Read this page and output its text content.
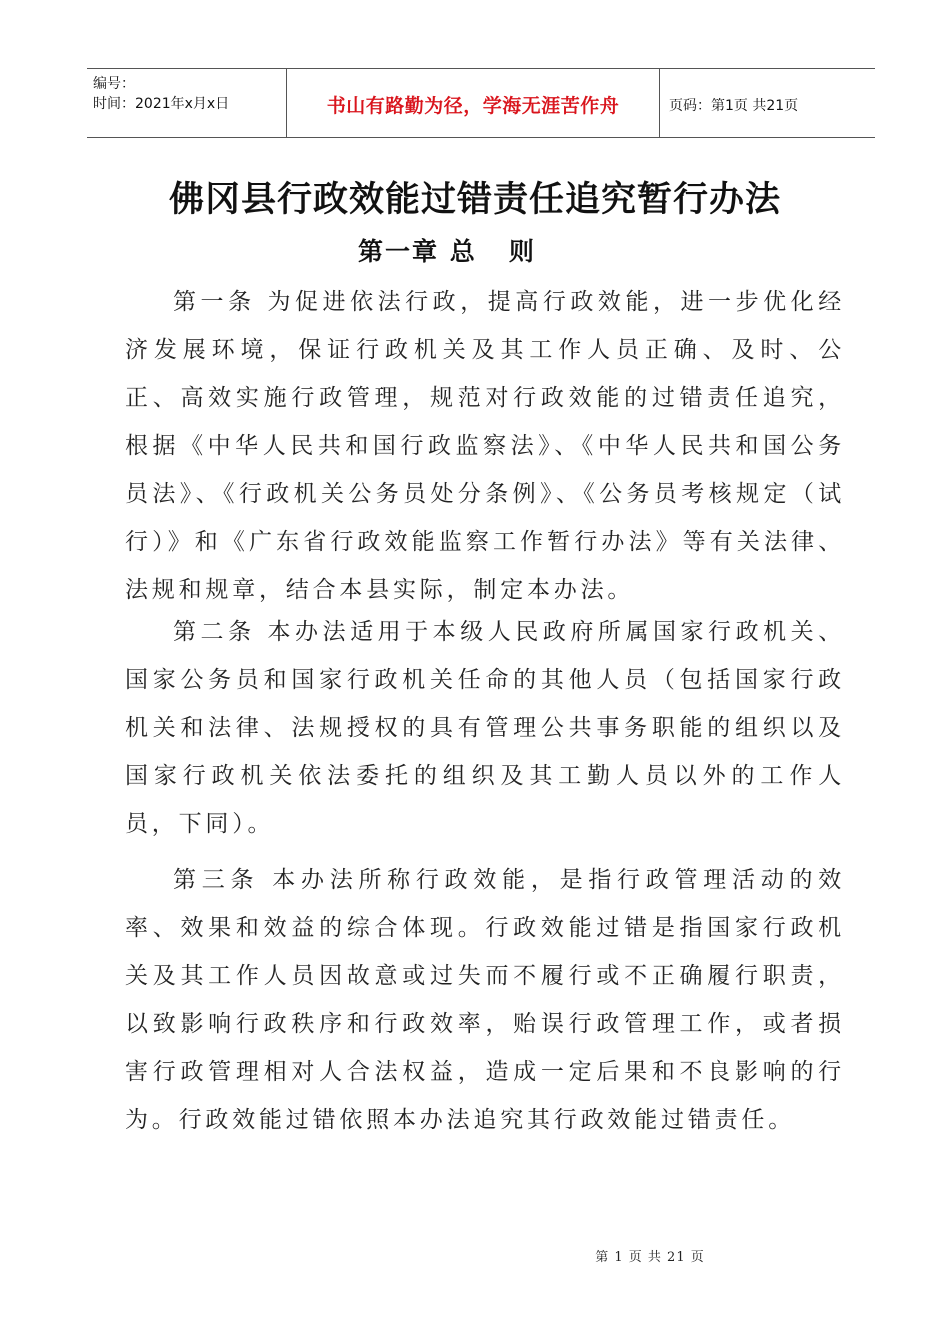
编号：
时间：2021年x月x日	书山有路勤为径，学海无涯苦作舟	页码：第1页 共21页
佛冈县行政效能过错责任追究暂行办法
第一章 总   则

第一条 为促进依法行政，提高行政效能，进一步优化经济发展环境，保证行政机关及其工作人员正确、及时、公正、高效实施行政管理，规范对行政效能的过错责任追究，根据《中华人民共和国行政监察法》、《中华人民共和国公务员法》、《行政机关公务员处分条例》、《公务员考核规定（试行）》和《广东省行政效能监察工作暂行办法》等有关法律、法规和规章，结合本县实际，制定本办法。

第二条 本办法适用于本级人民政府所属国家行政机关、国家公务员和国家行政机关任命的其他人员（包括国家行政机关和法律、法规授权的具有管理公共事务职能的组织以及国家行政机关依法委托的组织及其工勤人员以外的工作人员，下同）。

第三条 本办法所称行政效能，是指行政管理活动的效率、效果和效益的综合体现。行政效能过错是指国家行政机关及其工作人员因故意或过失而不履行或不正确履行职责，以致影响行政秩序和行政效率，贻误行政管理工作，或者损害行政管理相对人合法权益，造成一定后果和不良影响的行为。行政效能过错依照本办法追究其行政效能过错责任。

第 1 页 共 21 页
